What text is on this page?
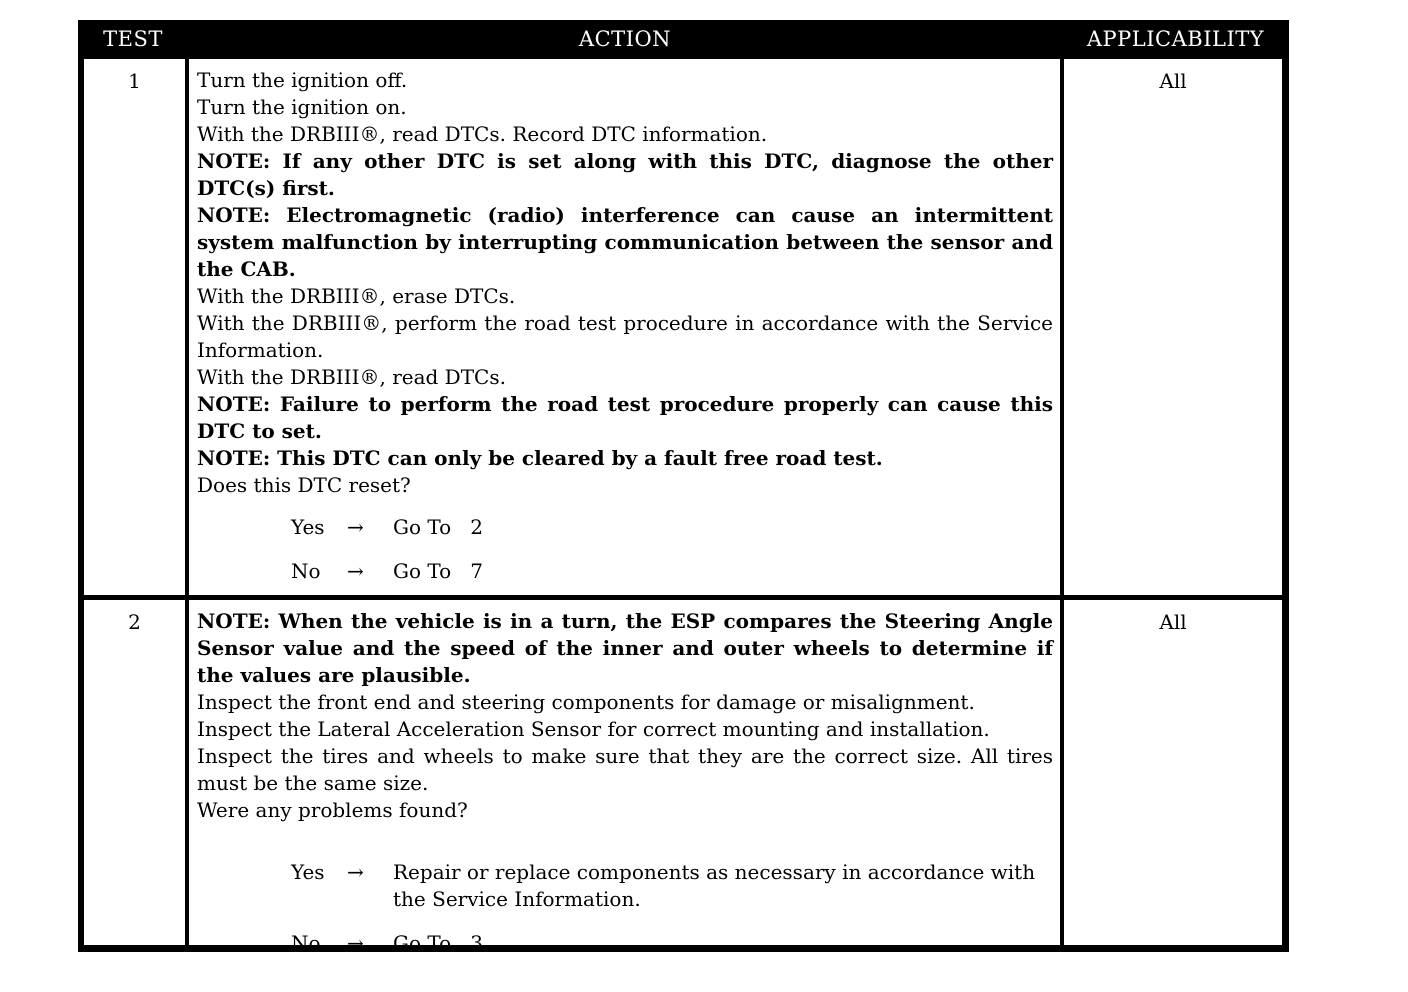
TEST	ACTION	APPLICABILITY
1	Turn the ignition off.
Turn the ignition on.
With the DRBIII®, read DTCs. Record DTC information.
NOTE: If any other DTC is set along with this DTC, diagnose the other DTC(s) first.
NOTE: Electromagnetic (radio) interference can cause an intermittent system malfunction by interrupting communication between the sensor and the CAB.
With the DRBIII®, erase DTCs.
With the DRBIII®, perform the road test procedure in accordance with the Service Information.
With the DRBIII®, read DTCs.
NOTE: Failure to perform the road test procedure properly can cause this DTC to set.
NOTE: This DTC can only be cleared by a fault free road test.
Does this DTC reset?
Yes → Go To   2
No → Go To   7
All
2	NOTE: When the vehicle is in a turn, the ESP compares the Steering Angle Sensor value and the speed of the inner and outer wheels to determine if the values are plausible.
Inspect the front end and steering components for damage or misalignment.
Inspect the Lateral Acceleration Sensor for correct mounting and installation.
Inspect the tires and wheels to make sure that they are the correct size. All tires must be the same size.
Were any problems found?
Yes → Repair or replace components as necessary in accordance with the Service Information.
No → Go To   3
All
